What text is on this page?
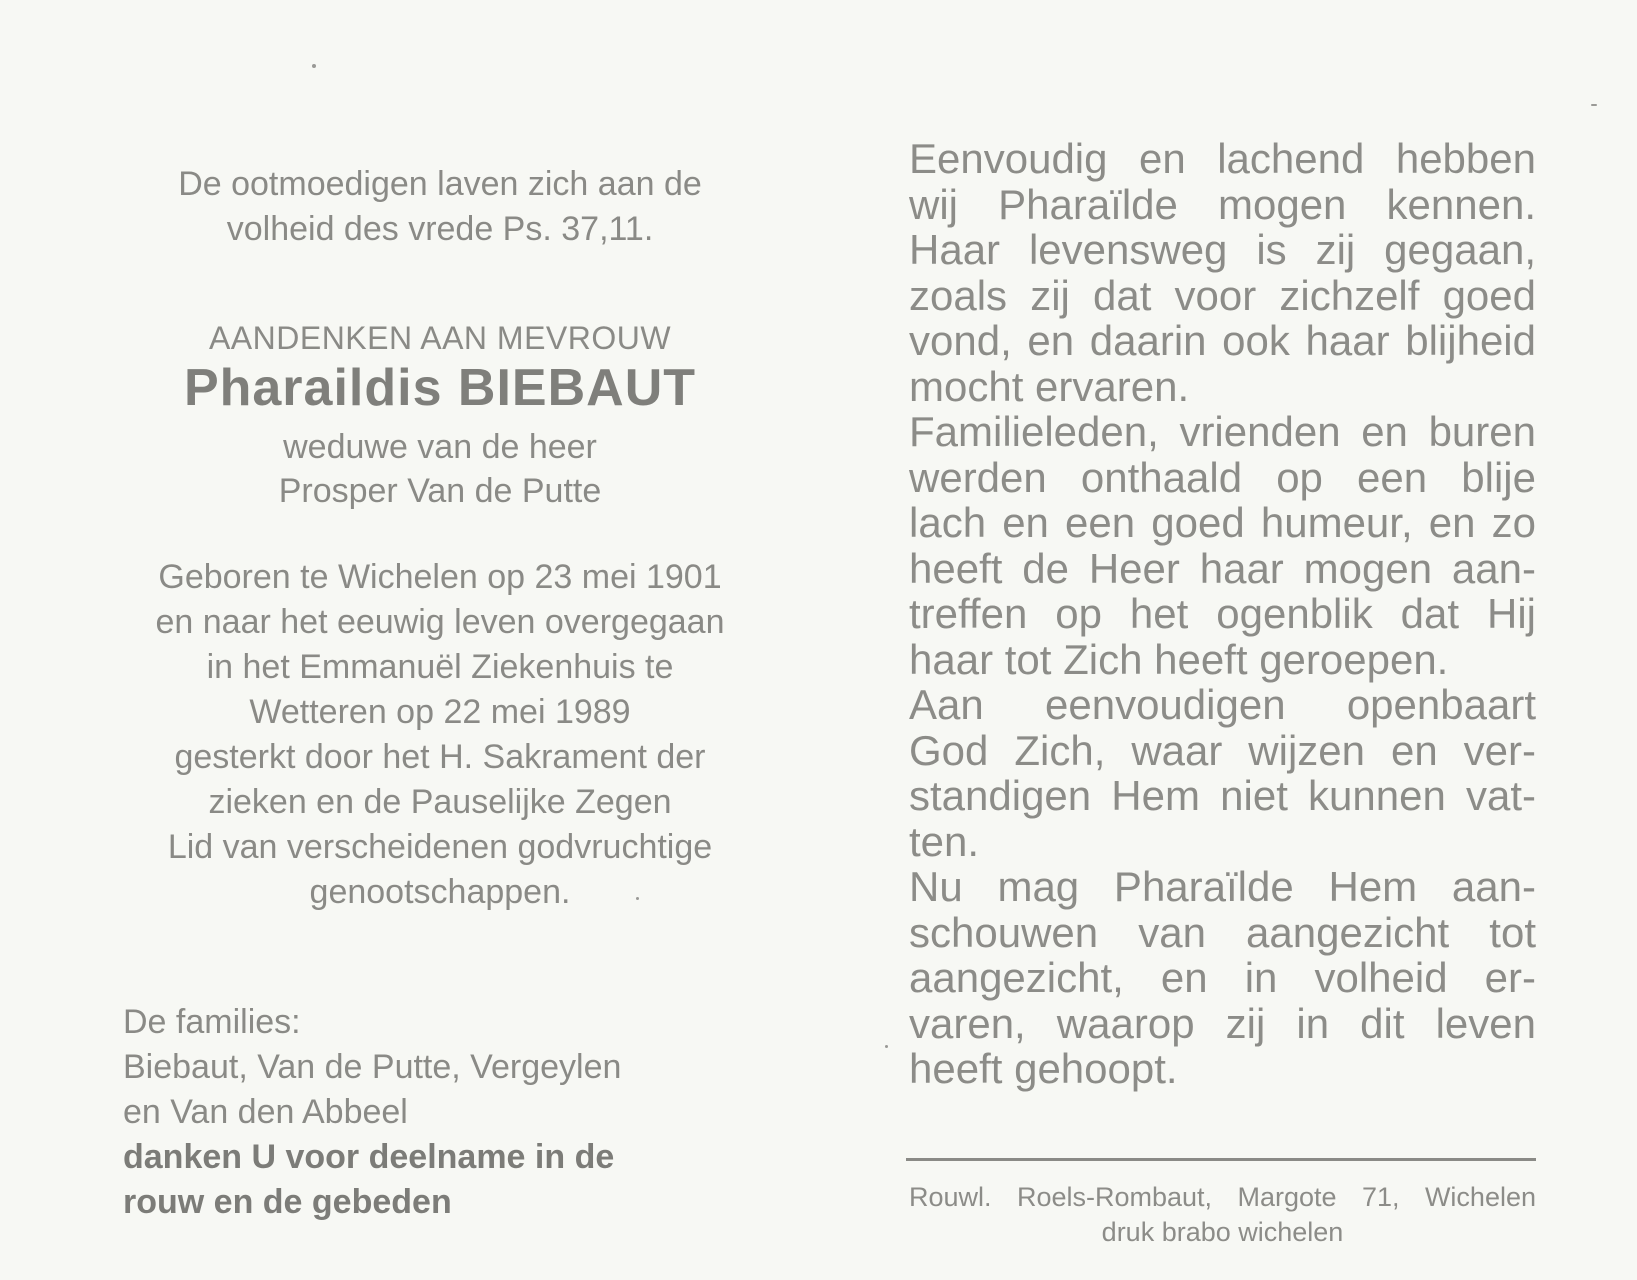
De ootmoedigen laven zich aan de

volheid des vrede Ps. 37,11.

AANDENKEN AAN MEVROUW
Pharaildis BIEBAUT

weduwe van de heer

Prosper Van de Putte

Geboren te Wichelen op 23 mei 1901

en naar het eeuwig leven overgegaan

in het Emmanuël Ziekenhuis te

Wetteren op 22 mei 1989

gesterkt door het H. Sakrament der

zieken en de Pauselijke Zegen

Lid van verscheidenen godvruchtige

genootschappen.

De families:

Biebaut, Van de Putte, Vergeylen

en Van den Abbeel

danken U voor deelname in de

rouw en de gebeden

Eenvoudig en lachend hebben

wij Pharaïlde mogen kennen.

Haar levensweg is zij gegaan,

zoals zij dat voor zichzelf goed

vond, en daarin ook haar blijheid

mocht ervaren.

Familieleden, vrienden en buren

werden onthaald op een blije

lach en een goed humeur, en zo

heeft de Heer haar mogen aan-

treffen op het ogenblik dat Hij

haar tot Zich heeft geroepen.

Aan eenvoudigen openbaart

God Zich, waar wijzen en ver-

standigen Hem niet kunnen vat-

ten.

Nu mag Pharaïlde Hem aan-

schouwen van aangezicht tot

aangezicht, en in volheid er-

varen, waarop zij in dit leven

heeft gehoopt.

Rouwl. Roels-Rombaut, Margote 71, Wichelen

druk brabo wichelen
